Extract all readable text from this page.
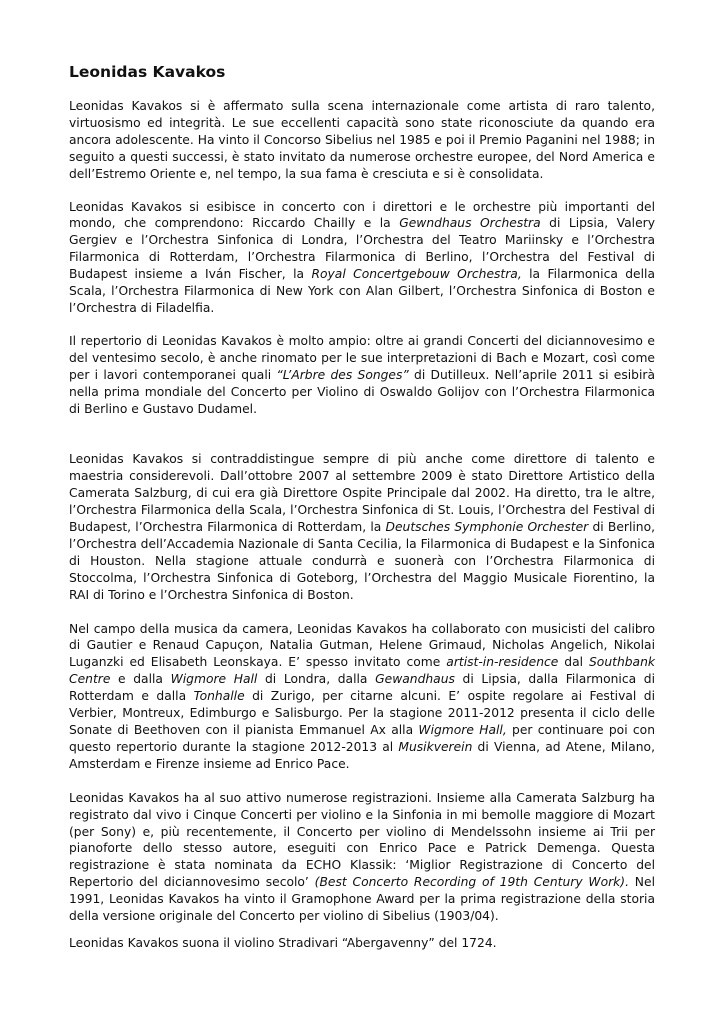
Leonidas Kavakos

Leonidas Kavakos si è affermato sulla scena internazionale come artista di raro talento, virtuosismo ed integrità. Le sue eccellenti capacità sono state riconosciute da quando era ancora adolescente. Ha vinto il Concorso Sibelius nel 1985 e poi il Premio Paganini nel 1988; in seguito a questi successi, è stato invitato da numerose orchestre europee, del Nord America e dell’Estremo Oriente e, nel tempo, la sua fama è cresciuta e si è consolidata.

Leonidas Kavakos si esibisce in concerto con i direttori e le orchestre più importanti del mondo, che comprendono: Riccardo Chailly e la Gewndhaus Orchestra di Lipsia, Valery Gergiev e l’Orchestra Sinfonica di Londra, l’Orchestra del Teatro Mariinsky e l’Orchestra Filarmonica di Rotterdam, l’Orchestra Filarmonica di Berlino, l’Orchestra del Festival di Budapest insieme a Iván Fischer, la Royal Concertgebouw Orchestra, la Filarmonica della Scala, l’Orchestra Filarmonica di New York con Alan Gilbert, l’Orchestra Sinfonica di Boston e l’Orchestra di Filadelfia.

Il repertorio di Leonidas Kavakos è molto ampio: oltre ai grandi Concerti del diciannovesimo e del ventesimo secolo, è anche rinomato per le sue interpretazioni di Bach e Mozart, così come per i lavori contemporanei quali “L’Arbre des Songes” di Dutilleux. Nell’aprile 2011 si esibirà nella prima mondiale del Concerto per Violino di Oswaldo Golijov con l’Orchestra Filarmonica di Berlino e Gustavo Dudamel.

Leonidas Kavakos si contraddistingue sempre di più anche come direttore di talento e maestria considerevoli. Dall’ottobre 2007 al settembre 2009 è stato Direttore Artistico della Camerata Salzburg, di cui era già Direttore Ospite Principale dal 2002. Ha diretto, tra le altre, l’Orchestra Filarmonica della Scala, l’Orchestra Sinfonica di St. Louis, l’Orchestra del Festival di Budapest, l’Orchestra Filarmonica di Rotterdam, la Deutsches Symphonie Orchester di Berlino, l’Orchestra dell’Accademia Nazionale di Santa Cecilia, la Filarmonica di Budapest e la Sinfonica di Houston. Nella stagione attuale condurrà e suonerà con l’Orchestra Filarmonica di Stoccolma, l’Orchestra Sinfonica di Goteborg, l’Orchestra del Maggio Musicale Fiorentino, la RAI di Torino e l’Orchestra Sinfonica di Boston.

Nel campo della musica da camera, Leonidas Kavakos ha collaborato con musicisti del calibro di Gautier e Renaud Capuçon, Natalia Gutman, Helene Grimaud, Nicholas Angelich, Nikolai Luganzki ed Elisabeth Leonskaya. E’ spesso invitato come artist-in-residence dal Southbank Centre e dalla Wigmore Hall di Londra, dalla Gewandhaus di Lipsia, dalla Filarmonica di Rotterdam e dalla Tonhalle di Zurigo, per citarne alcuni. E’ ospite regolare ai Festival di Verbier, Montreux, Edimburgo e Salisburgo. Per la stagione 2011-2012 presenta il ciclo delle Sonate di Beethoven con il pianista Emmanuel Ax alla Wigmore Hall, per continuare poi con questo repertorio durante la stagione 2012-2013 al Musikverein di Vienna, ad Atene, Milano, Amsterdam e Firenze insieme ad Enrico Pace.

Leonidas Kavakos ha al suo attivo numerose registrazioni. Insieme alla Camerata Salzburg ha registrato dal vivo i Cinque Concerti per violino e la Sinfonia in mi bemolle maggiore di Mozart (per Sony) e, più recentemente, il Concerto per violino di Mendelssohn insieme ai Trii per pianoforte dello stesso autore, eseguiti con Enrico Pace e Patrick Demenga. Questa registrazione è stata nominata da ECHO Klassik: ‘Miglior Registrazione di Concerto del Repertorio del diciannovesimo secolo’ (Best Concerto Recording of 19th Century Work). Nel 1991, Leonidas Kavakos ha vinto il Gramophone Award per la prima registrazione della storia della versione originale del Concerto per violino di Sibelius (1903/04).

Leonidas Kavakos suona il violino Stradivari “Abergavenny” del 1724.
